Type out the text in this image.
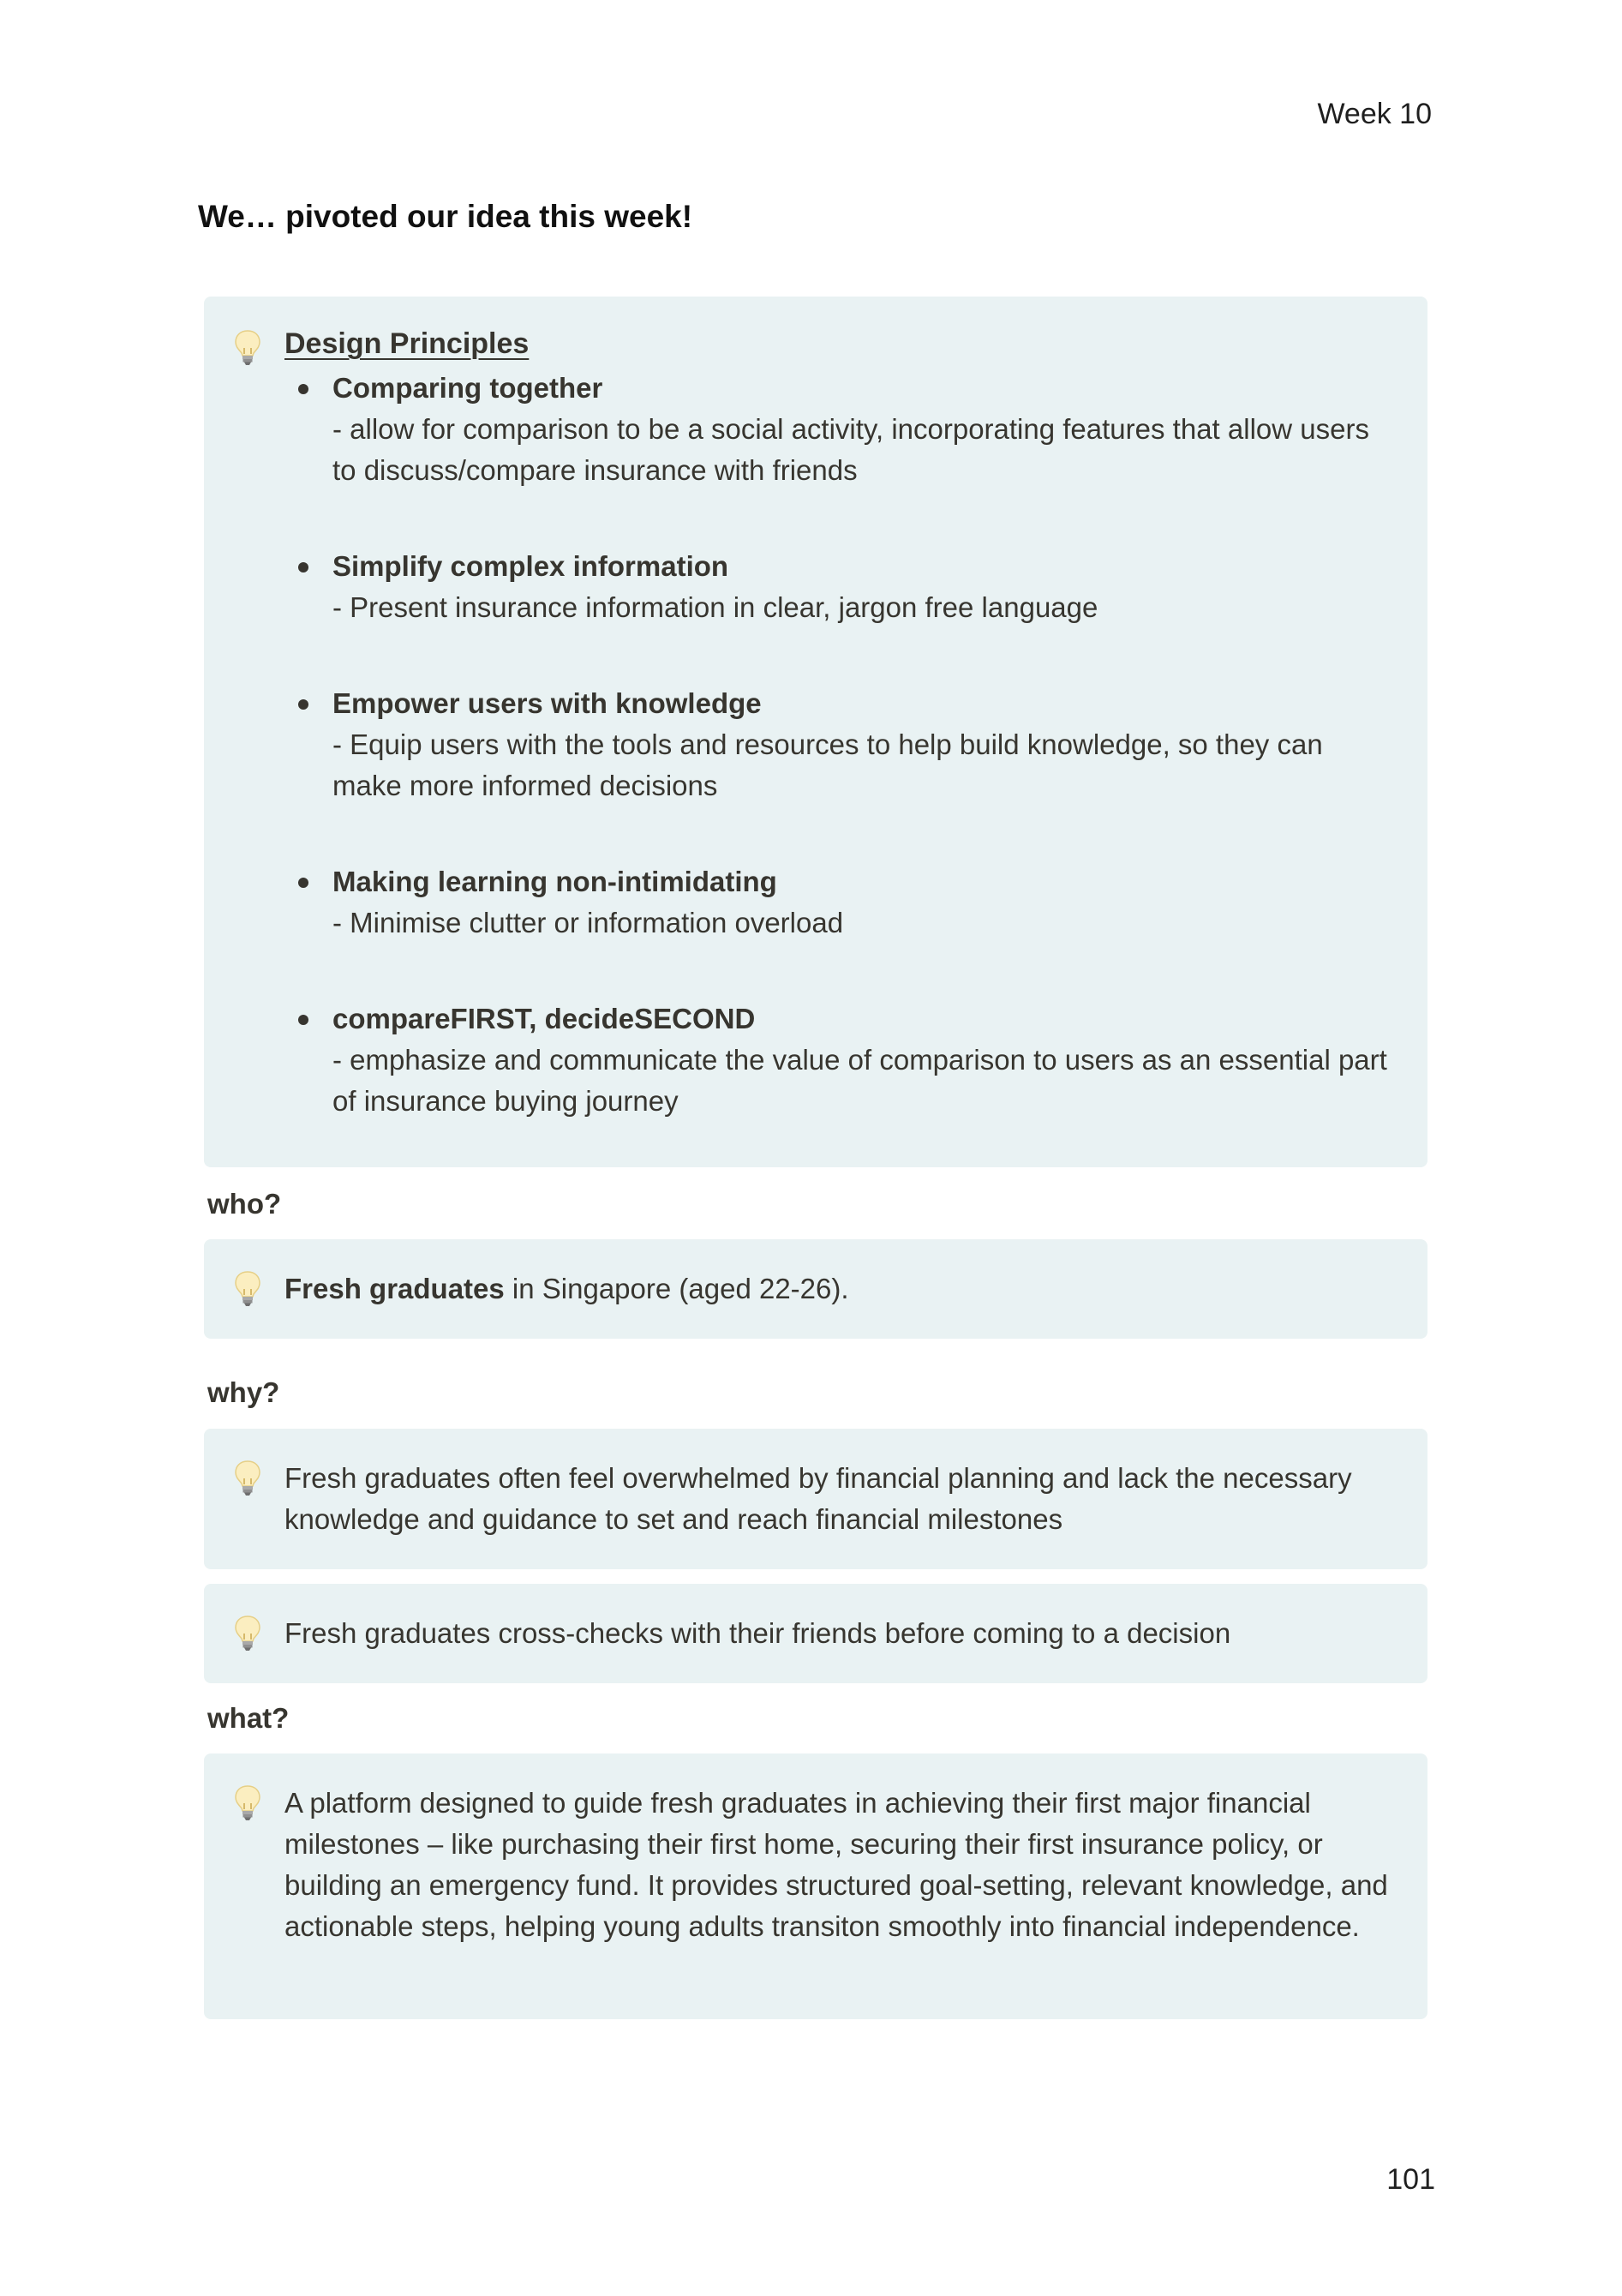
Week 10
We… pivoted our idea this week!
Design Principles
Comparing together
- allow for comparison to be a social activity, incorporating features that allow users to discuss/compare insurance with friends
Simplify complex information
- Present insurance information in clear, jargon free language
Empower users with knowledge
- Equip users with the tools and resources to help build knowledge, so they can make more informed decisions
Making learning non-intimidating
- Minimise clutter or information overload
compareFIRST, decideSECOND
- emphasize and communicate the value of comparison to users as an essential part of insurance buying journey
who?
Fresh graduates in Singapore (aged 22-26).
why?
Fresh graduates often feel overwhelmed by financial planning and lack the necessary knowledge and guidance to set and reach financial milestones
Fresh graduates cross-checks with their friends before coming to a decision
what?
A platform designed to guide fresh graduates in achieving their first major financial milestones – like purchasing their first home, securing their first insurance policy, or building an emergency fund. It provides structured goal-setting, relevant knowledge, and actionable steps, helping young adults transiton smoothly into financial independence.
101
